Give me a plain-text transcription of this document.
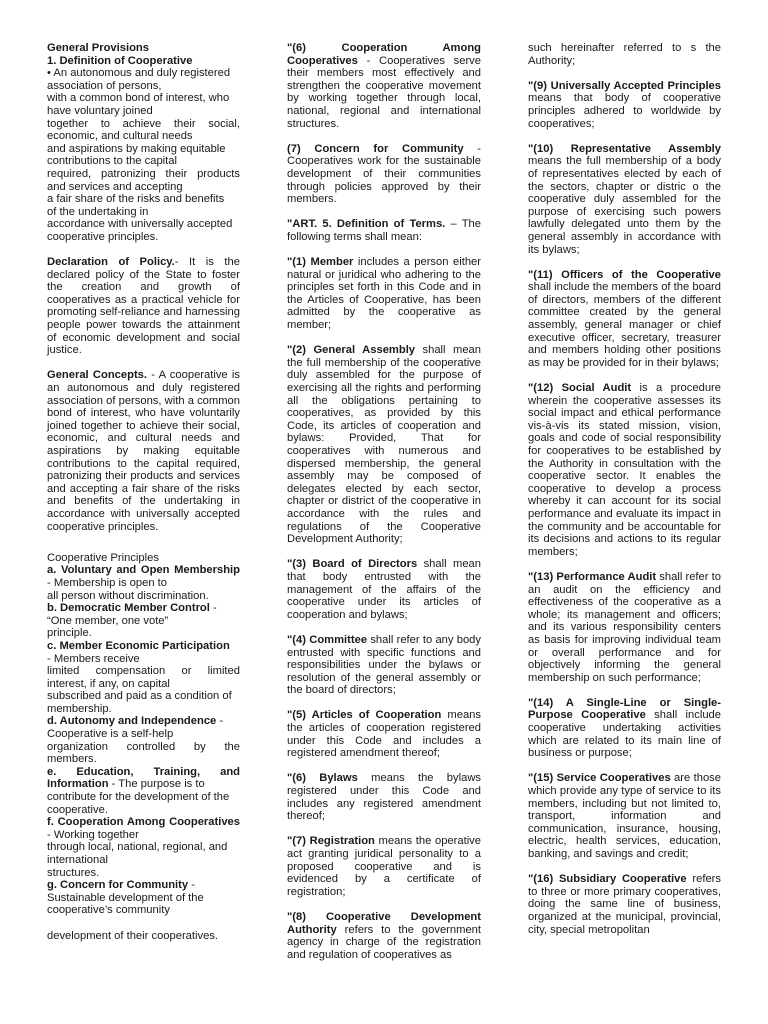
General Provisions

1. Definition of Cooperative

• An autonomous and duly registered
association of persons,
with a common bond of interest, who
have voluntary joined
together to achieve their social,
economic, and cultural needs
and aspirations by making equitable
contributions to the capital
required, patronizing their products
and services and accepting
a fair share of the risks and benefits
of the undertaking in
accordance with universally accepted
cooperative principles.

Declaration of Policy.- It is the declared policy of the State to foster the creation and growth of cooperatives as a practical vehicle for promoting self-reliance and harnessing people power towards the attainment of economic development and social justice.

General Concepts. - A cooperative is an autonomous and duly registered association of persons, with a common bond of interest, who have voluntarily joined together to achieve their social, economic, and cultural needs and aspirations by making equitable contributions to the capital required, patronizing their products and services and accepting a fair share of the risks and benefits of the undertaking in accordance with universally accepted cooperative principles.

Cooperative Principles

a. Voluntary and Open Membership - Membership is open to
all person without discrimination.
b. Democratic Member Control -
“One member, one vote”
principle.
c. Member Economic Participation
- Members receive
limited compensation or limited
interest, if any, on capital
subscribed and paid as a condition of
membership.
d. Autonomy and Independence -
Cooperative is a self-help
organization controlled by the
members.
e. Education, Training, and Information - The purpose is to
contribute for the development of the
cooperative.
f. Cooperation Among Cooperatives - Working together
through local, national, regional, and
international
structures.
g. Concern for Community -
Sustainable development of the
cooperative’s community

development of their cooperatives.

"(6) Cooperation Among Cooperatives - Cooperatives serve their members most effectively and strengthen the cooperative movement by working together through local, national, regional and international structures.

(7) Concern for Community - Cooperatives work for the sustainable development of their communities through policies approved by their members.

"ART. 5. Definition of Terms. – The following terms shall mean:

"(1) Member includes a person either natural or juridical who adhering to the principles set forth in this Code and in the Articles of Cooperative, has been admitted by the cooperative as member;

"(2) General Assembly shall mean the full membership of the cooperative duly assembled for the purpose of exercising all the rights and performing all the obligations pertaining to cooperatives, as provided by this Code, its articles of cooperation and bylaws: Provided, That for cooperatives with numerous and dispersed membership, the general assembly may be composed of delegates elected by each sector, chapter or district of the cooperative in accordance with the rules and regulations of the Cooperative Development Authority;

"(3) Board of Directors shall mean that body entrusted with the management of the affairs of the cooperative under its articles of cooperation and bylaws;

"(4) Committee shall refer to any body entrusted with specific functions and responsibilities under the bylaws or resolution of the general assembly or the board of directors;

"(5) Articles of Cooperation means the articles of cooperation registered under this Code and includes a registered amendment thereof;

"(6) Bylaws means the bylaws registered under this Code and includes any registered amendment thereof;

"(7) Registration means the operative act granting juridical personality to a proposed cooperative and is evidenced by a certificate of registration;

"(8) Cooperative Development Authority refers to the government agency in charge of the registration and regulation of cooperatives as

such hereinafter referred to s the Authority;

"(9) Universally Accepted Principles means that body of cooperative principles adhered to worldwide by cooperatives;

"(10) Representative Assembly means the full membership of a body of representatives elected by each of the sectors, chapter or distric o the cooperative duly assembled for the purpose of exercising such powers lawfully delegated unto them by the general assembly in accordance with its bylaws;

"(11) Officers of the Cooperative shall include the members of the board of directors, members of the different committee created by the general assembly, general manager or chief executive officer, secretary, treasurer and members holding other positions as may be provided for in their bylaws;

"(12) Social Audit is a procedure wherein the cooperative assesses its social impact and ethical performance vis-à-vis its stated mission, vision, goals and code of social responsibility for cooperatives to be established by the Authority in consultation with the cooperative sector. It enables the cooperative to develop a process whereby it can account for its social performance and evaluate its impact in the community and be accountable for its decisions and actions to its regular members;

"(13) Performance Audit shall refer to an audit on the efficiency and effectiveness of the cooperative as a whole; its management and officers; and its various responsibility centers as basis for improving individual team or overall performance and for objectively informing the general membership on such performance;

"(14) A Single-Line or Single-Purpose Cooperative shall include cooperative undertaking activities which are related to its main line of business or purpose;

"(15) Service Cooperatives are those which provide any type of service to its members, including but not limited to, transport, information and communication, insurance, housing, electric, health services, education, banking, and savings and credit;

"(16) Subsidiary Cooperative refers to three or more primary cooperatives, doing the same line of business, organized at the municipal, provincial, city, special metropolitan
